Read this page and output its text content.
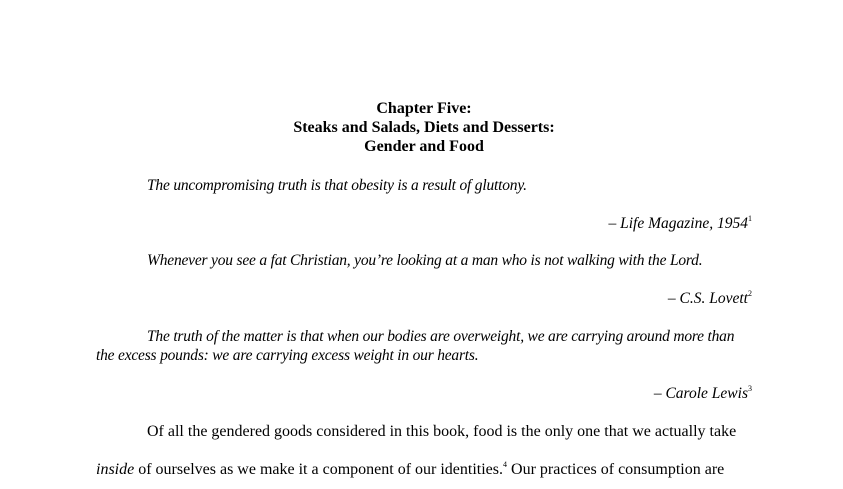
Chapter Five:

Steaks and Salads, Diets and Desserts:

Gender and Food

The uncompromising truth is that obesity is a result of gluttony.

– Life Magazine, 1954$^1$

Whenever you see a fat Christian, you’re looking at a man who is not walking with the Lord.

– C.S. Lovett$^2$

The truth of the matter is that when our bodies are overweight, we are carrying around more than the excess pounds: we are carrying excess weight in our hearts.

– Carole Lewis$^3$

Of all the gendered goods considered in this book, food is the only one that we actually take inside of ourselves as we make it a component of our identities.$^4$ Our practices of consumption are
